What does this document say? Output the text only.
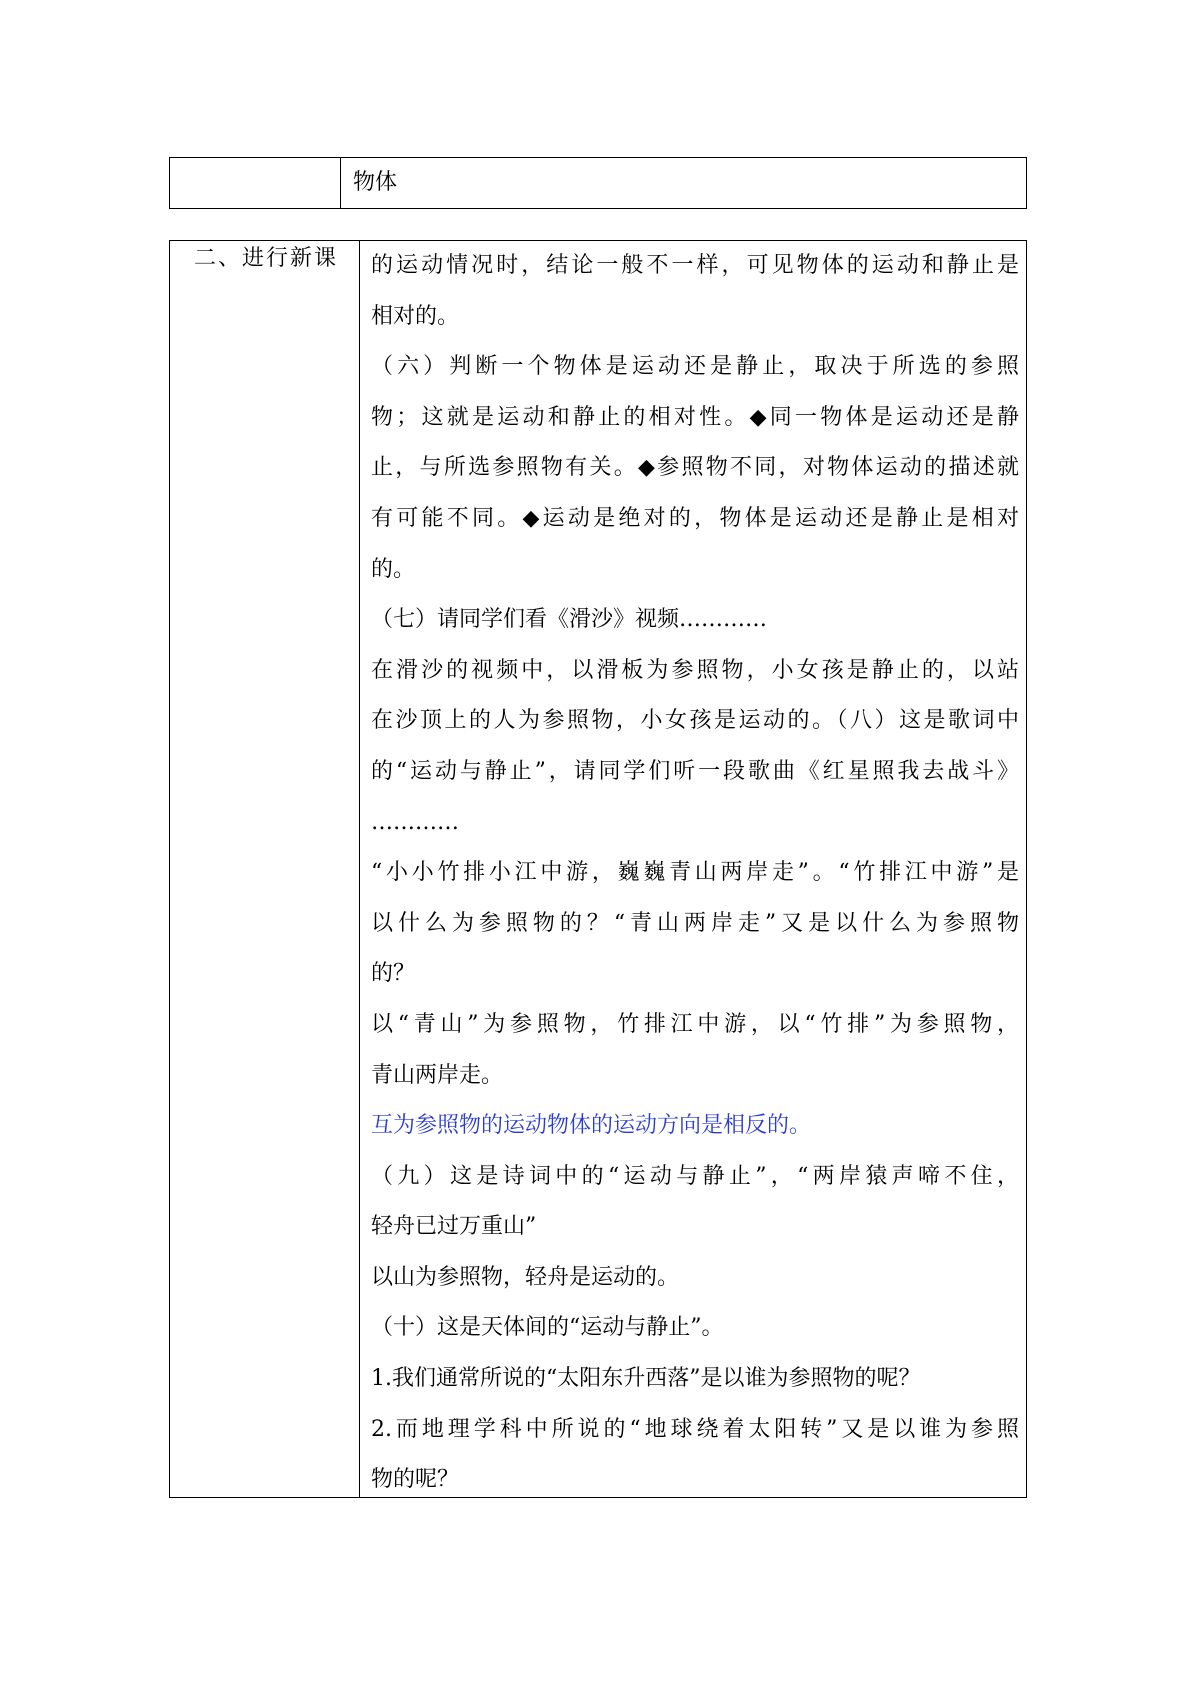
物体
二、进行新课 的运动情况时，结论一般不一样，可见物体的运动和静止是
相对的。
（六）判断一个物体是运动还是静止，取决于所选的参照
物；这就是运动和静止的相对性。◆同一物体是运动还是静
止，与所选参照物有关。◆参照物不同，对物体运动的描述就
有可能不同。◆运动是绝对的，物体是运动还是静止是相对
的。
（七）请同学们看《滑沙》视频…………
在滑沙的视频中，以滑板为参照物，小女孩是静止的，以站
在沙顶上的人为参照物，小女孩是运动的。（八）这是歌词中
的“运动与静止”，请同学们听一段歌曲《红星照我去战斗》
…………
“小小竹排小江中游，巍巍青山两岸走”。“竹排江中游”是
以什么为参照物的？“青山两岸走”又是以什么为参照物
的？
以“青山”为参照物，竹排江中游，以“竹排”为参照物，
青山两岸走。
互为参照物的运动物体的运动方向是相反的。
（九）这是诗词中的“运动与静止”，“两岸猿声啼不住，
轻舟已过万重山”
以山为参照物，轻舟是运动的。
（十）这是天体间的“运动与静止”。
1.我们通常所说的“太阳东升西落”是以谁为参照物的呢？
2.而地理学科中所说的“地球绕着太阳转”又是以谁为参照
物的呢？
